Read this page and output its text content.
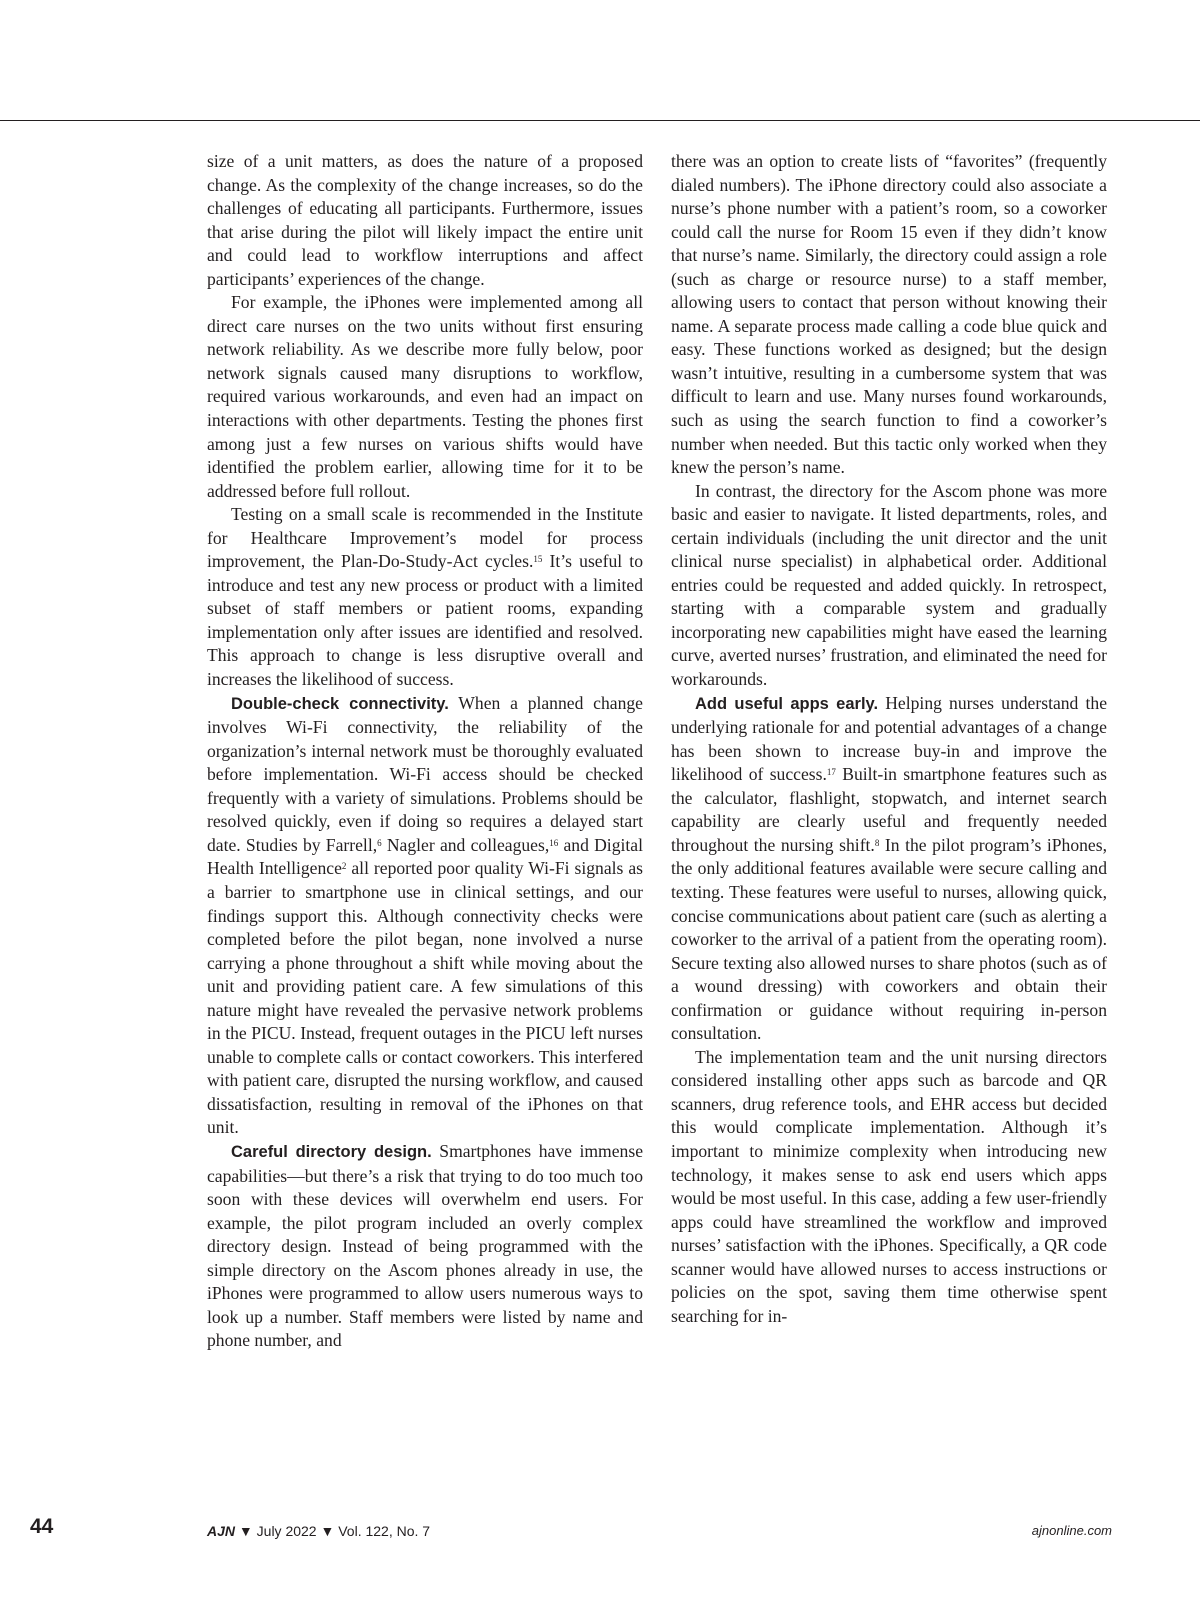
size of a unit matters, as does the nature of a proposed change. As the complexity of the change increases, so do the challenges of educating all participants. Furthermore, issues that arise during the pilot will likely impact the entire unit and could lead to workflow interruptions and affect participants’ experiences of the change.

For example, the iPhones were implemented among all direct care nurses on the two units without first ensuring network reliability. As we describe more fully below, poor network signals caused many disruptions to workflow, required various workarounds, and even had an impact on interactions with other departments. Testing the phones first among just a few nurses on various shifts would have identified the problem earlier, allowing time for it to be addressed before full rollout.

Testing on a small scale is recommended in the Institute for Healthcare Improvement’s model for process improvement, the Plan-Do-Study-Act cycles.$^{15}$ It’s useful to introduce and test any new process or product with a limited subset of staff members or patient rooms, expanding implementation only after issues are identified and resolved. This approach to change is less disruptive overall and increases the likelihood of success.

Double-check connectivity. When a planned change involves Wi-Fi connectivity, the reliability of the organization’s internal network must be thoroughly evaluated before implementation. Wi-Fi access should be checked frequently with a variety of simulations. Problems should be resolved quickly, even if doing so requires a delayed start date. Studies by Farrell,$^6$ Nagler and colleagues,$^{16}$ and Digital Health Intelligence$^2$ all reported poor quality Wi-Fi signals as a barrier to smartphone use in clinical settings, and our findings support this. Although connectivity checks were completed before the pilot began, none involved a nurse carrying a phone throughout a shift while moving about the unit and providing patient care. A few simulations of this nature might have revealed the pervasive network problems in the PICU. Instead, frequent outages in the PICU left nurses unable to complete calls or contact coworkers. This interfered with patient care, disrupted the nursing workflow, and caused dissatisfaction, resulting in removal of the iPhones on that unit.

Careful directory design. Smartphones have immense capabilities—but there’s a risk that trying to do too much too soon with these devices will overwhelm end users. For example, the pilot program included an overly complex directory design. Instead of being programmed with the simple directory on the Ascom phones already in use, the iPhones were programmed to allow users numerous ways to look up a number. Staff members were listed by name and phone number, and

there was an option to create lists of “favorites” (frequently dialed numbers). The iPhone directory could also associate a nurse’s phone number with a patient’s room, so a coworker could call the nurse for Room 15 even if they didn’t know that nurse’s name. Similarly, the directory could assign a role (such as charge or resource nurse) to a staff member, allowing users to contact that person without knowing their name. A separate process made calling a code blue quick and easy. These functions worked as designed; but the design wasn’t intuitive, resulting in a cumbersome system that was difficult to learn and use. Many nurses found workarounds, such as using the search function to find a coworker’s number when needed. But this tactic only worked when they knew the person’s name.

In contrast, the directory for the Ascom phone was more basic and easier to navigate. It listed departments, roles, and certain individuals (including the unit director and the unit clinical nurse specialist) in alphabetical order. Additional entries could be requested and added quickly. In retrospect, starting with a comparable system and gradually incorporating new capabilities might have eased the learning curve, averted nurses’ frustration, and eliminated the need for workarounds.

Add useful apps early. Helping nurses understand the underlying rationale for and potential advantages of a change has been shown to increase buy-in and improve the likelihood of success.$^{17}$ Built-in smartphone features such as the calculator, flashlight, stopwatch, and internet search capability are clearly useful and frequently needed throughout the nursing shift.$^8$ In the pilot program’s iPhones, the only additional features available were secure calling and texting. These features were useful to nurses, allowing quick, concise communications about patient care (such as alerting a coworker to the arrival of a patient from the operating room). Secure texting also allowed nurses to share photos (such as of a wound dressing) with coworkers and obtain their confirmation or guidance without requiring in-person consultation.

The implementation team and the unit nursing directors considered installing other apps such as barcode and QR scanners, drug reference tools, and EHR access but decided this would complicate implementation. Although it’s important to minimize complexity when introducing new technology, it makes sense to ask end users which apps would be most useful. In this case, adding a few user-friendly apps could have streamlined the workflow and improved nurses’ satisfaction with the iPhones. Specifically, a QR code scanner would have allowed nurses to access instructions or policies on the spot, saving them time otherwise spent searching for in-

44	AJN ▼ July 2022 ▼ Vol. 122, No. 7	ajnonline.com
